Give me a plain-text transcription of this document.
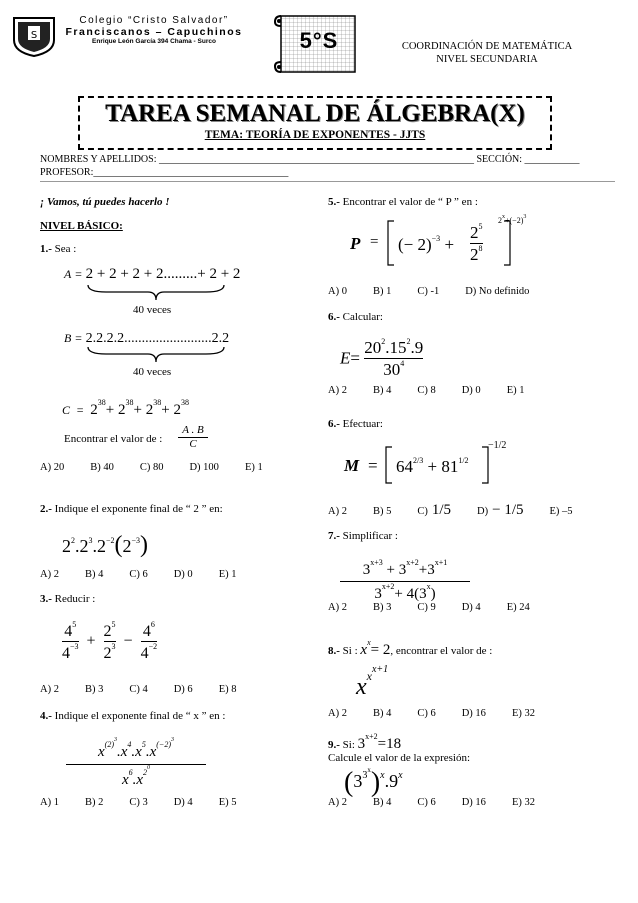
S
Colegio “Cristo Salvador”
Franciscanos – Capuchinos
Enrique León García 394 Chama - Surco	5°S	COORDINACIÓN DE MATEMÁTICA
NIVEL SECUNDARIA
TAREA SEMANAL DE ÁLGEBRA(X)
TEMA: TEORÍA DE EXPONENTES - JJTS
NOMBRES Y APELLIDOS: _______________________________________________________________ SECCIÓN: ___________
PROFESOR:_______________________________________
¡ Vamos, tú puedes hacerlo !
NIVEL BÁSICO:
1.- Sea :
A = 2 + 2 + 2 + 2.........+ 2 + 2
40 veces
B = 2.2.2.2.........................2.2
40 veces
$C = 2^{38}+ 2^{38}+ 2^{38}+ 2^{38}$
Encontrar el valor de :
A . B
C
A) 20 B) 40 C) 80 D) 100 E) 1
2.- Indique el exponente final de “ 2 ” en:
$2^2.2^3.2^{-2}(2^{-3})$
A) 2 B) 4 C) 6 D) 0 E) 1
3.- Reducir :
$\frac{4^5}{4^{-3}} + \frac{2^5}{2^3} - \frac{4^6}{4^{-2}}$
A) 2 B) 3 C) 4 D) 6 E) 8
4.- Indique el exponente final de “ x ” en :
$x^{(2)^3}.x^4.x^5.x^{(-2)^3}$
$x^6.x^{2^0}$
A) 1 B) 2 C) 3 D) 4 E) 5
5.- Encontrar el valor de “ P ” en :
P = (− 2)$^{-3}$ +
$2^5$
$2^8$
$2^x+(-2)^3$
A) 0 B) 1 C) -1 D) No definido
6.- Calcular:
$E= \frac{20^2.15^2.9}{30^4}$
A) 2 B) 4 C) 8 D) 0 E) 1
6.- Efectuar:
$M = 64^{2/3} + 81^{1/2}$
−1/2
A) 2 B) 5 C) 1/5 D) − 1/5 E) –5
7.- Simplificar :
$3^{x+3} + 3^{x+2}+3^{x+1}$
$3^{x+2}+ 4(3^x)$
A) 2 B) 3 C) 9 D) 4 E) 24
8.- Si : $x^x= 2$, encontrar el valor de :
$x^{x^{x+1}}$
A) 2 B) 4 C) 6 D) 16 E) 32
9.- Si: $3^{x+2}=18$
Calcule el valor de la expresión:
$(3^{3^x})^x.9^x$
A) 2 B) 4 C) 6 D) 16 E) 32
